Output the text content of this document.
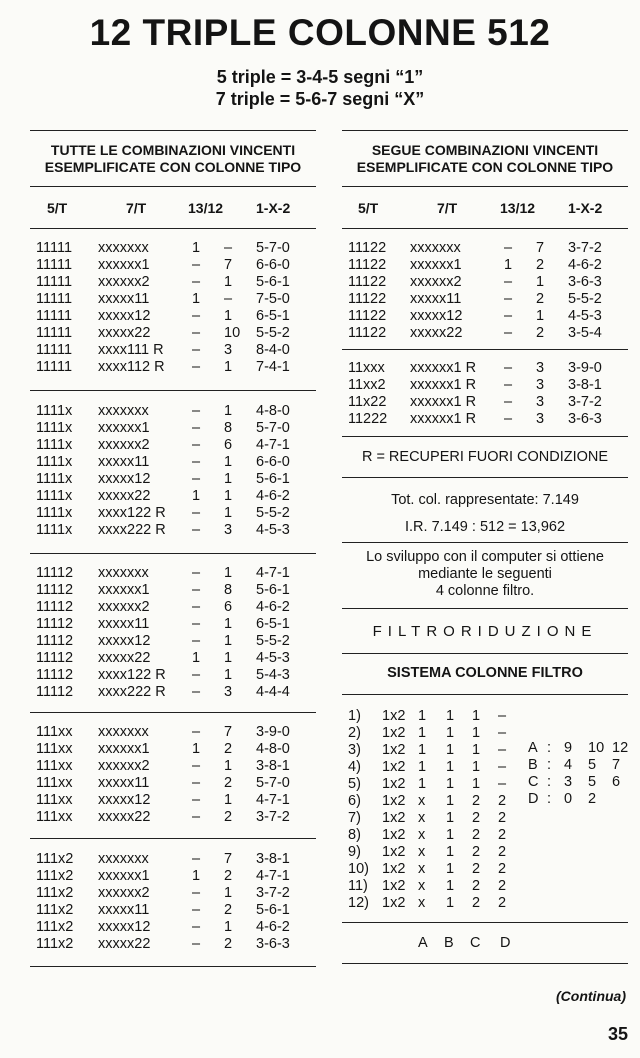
12 TRIPLE COLONNE 512
5 triple = 3-4-5 segni “1”
7 triple = 5-6-7 segni “X”
TUTTE LE COMBINAZIONI VINCENTI
ESEMPLIFICATE CON COLONNE TIPO
5/T	7/T	13/12 1-X-2
11111 xxxxxxx	1 – 5-7-0
11111 xxxxxx1	– 7 6-6-0
11111 xxxxxx2	– 1 5-6-1
11111 xxxxx11	1 – 7-5-0
11111 xxxxx12	– 1 6-5-1
11111 xxxxx22	– 10 5-5-2
11111 xxxx111 R – 3 8-4-0
11111 xxxx112 R – 1 7-4-1
1111x xxxxxxx	– 1 4-8-0
1111x xxxxxx1	– 8 5-7-0
1111x xxxxxx2	– 6 4-7-1
1111x xxxxx11	– 1 6-6-0
1111x xxxxx12	– 1 5-6-1
1111x xxxxx22	1 1 4-6-2
1111x xxxx122 R – 1 5-5-2
1111x xxxx222 R – 3 4-5-3
11112 xxxxxxx	– 1 4-7-1
11112 xxxxxx1	– 8 5-6-1
11112 xxxxxx2	– 6 4-6-2
11112 xxxxx11	– 1 6-5-1
11112 xxxxx12	– 1 5-5-2
11112 xxxxx22	1 1 4-5-3
11112 xxxx122 R – 1 5-4-3
11112 xxxx222 R – 3 4-4-4
111xx xxxxxxx	– 7 3-9-0
111xx xxxxxx1	1 2 4-8-0
111xx xxxxxx2	– 1 3-8-1
111xx xxxxx11	– 2 5-7-0
111xx xxxxx12	– 1 4-7-1
111xx xxxxx22	– 2 3-7-2
111x2 xxxxxxx	– 7 3-8-1
111x2 xxxxxx1	1 2 4-7-1
111x2 xxxxxx2	– 1 3-7-2
111x2 xxxxx11	– 2 5-6-1
111x2 xxxxx12	– 1 4-6-2
111x2 xxxxx22	– 2 3-6-3
SEGUE COMBINAZIONI VINCENTI
ESEMPLIFICATE CON COLONNE TIPO
5/T	7/T	13/12 1-X-2
11122 xxxxxxx	– 7 3-7-2
11122 xxxxxx1	1 2 4-6-2
11122 xxxxxx2	– 1 3-6-3
11122 xxxxx11	– 2 5-5-2
11122 xxxxx12	– 1 4-5-3
11122 xxxxx22	– 2 3-5-4
11xxx xxxxxx1 R – 3 3-9-0
11xx2 xxxxxx1 R – 3 3-8-1
11x22 xxxxxx1 R – 3 3-7-2
11222 xxxxxx1 R – 3 3-6-3
R = RECUPERI FUORI CONDIZIONE
Tot. col. rappresentate: 7.149
I.R. 7.149 : 512 = 13,962
Lo sviluppo con il computer si ottiene
mediante le seguenti
4 colonne filtro.
FILTRORIDUZIONE
SISTEMA COLONNE FILTRO
1) 1x2 1 1 1 –
2) 1x2 1 1 1 –
3) 1x2 1 1 1 –
4) 1x2 1 1 1 –
5) 1x2 1 1 1 –
6) 1x2 x 1 2 2
7) 1x2 x 1 2 2
8) 1x2 x 1 2 2
9) 1x2 x 1 2 2
10) 1x2 x 1 2 2
11) 1x2 x 1 2 2
12) 1x2 x 1 2 2
A : 9 10 12
B : 4 5 7
C : 3 5 6
D : 0 2
A B C D
(Continua)
35
